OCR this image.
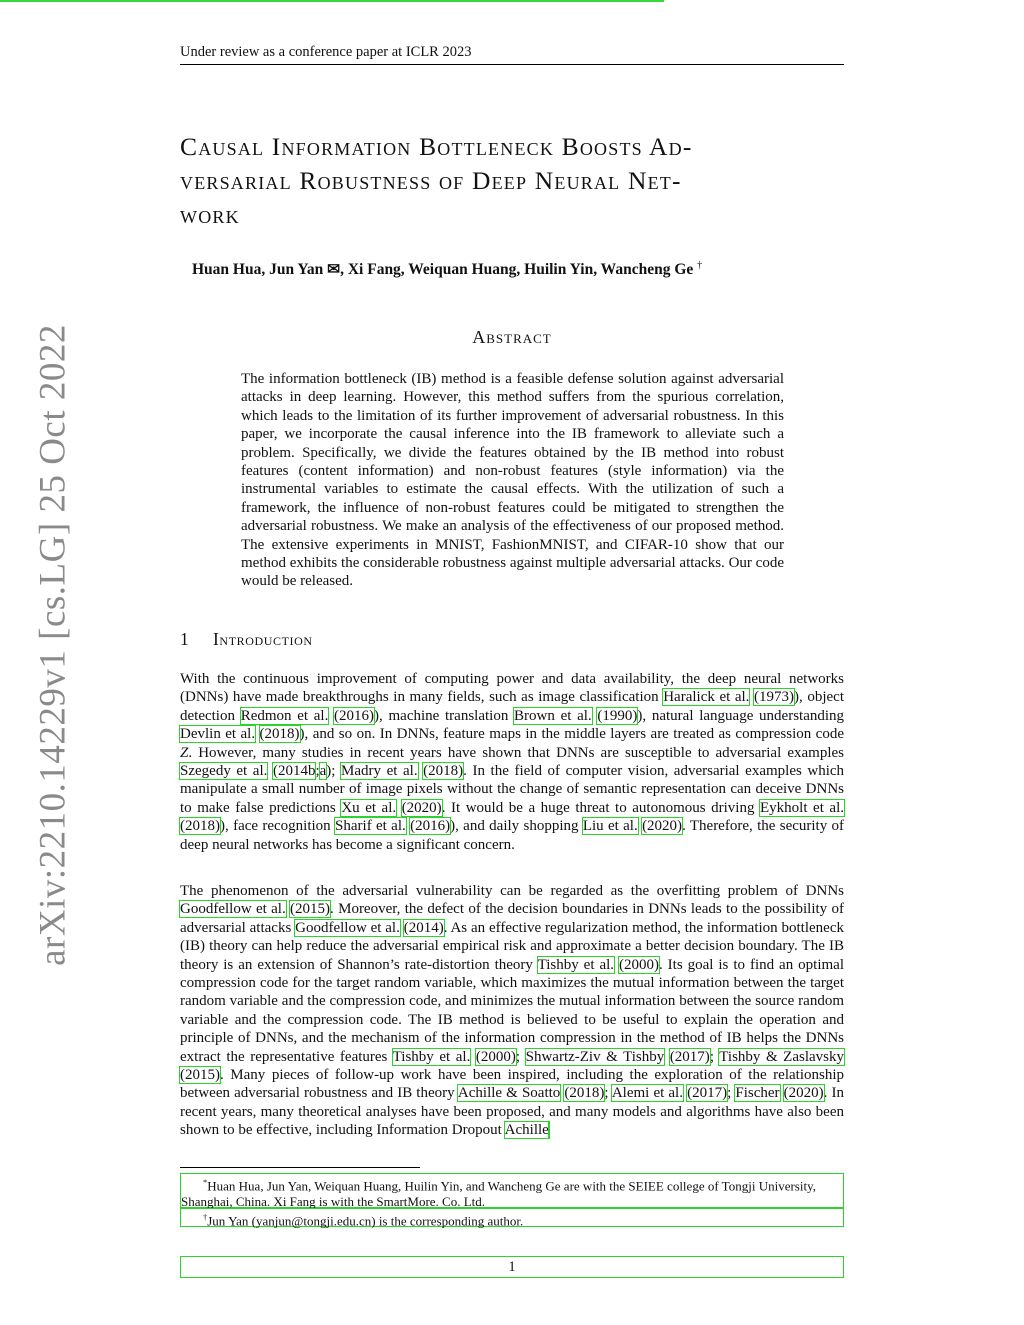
Under review as a conference paper at ICLR 2023
Causal Information Bottleneck Boosts Ad-
versarial Robustness of Deep Neural Net-
work
Huan Hua, Jun Yan ✉, Xi Fang, Weiquan Huang, Huilin Yin, Wancheng Ge †
Abstract
The information bottleneck (IB) method is a feasible defense solution against adversarial attacks in deep learning. However, this method suffers from the spurious correlation, which leads to the limitation of its further improvement of adversarial robustness. In this paper, we incorporate the causal inference into the IB framework to alleviate such a problem. Specifically, we divide the features obtained by the IB method into robust features (content information) and non-robust features (style information) via the instrumental variables to estimate the causal effects. With the utilization of such a framework, the influence of non-robust features could be mitigated to strengthen the adversarial robustness. We make an analysis of the effectiveness of our proposed method. The extensive experiments in MNIST, FashionMNIST, and CIFAR-10 show that our method exhibits the considerable robustness against multiple adversarial attacks. Our code would be released.
1 Introduction
With the continuous improvement of computing power and data availability, the deep neural networks (DNNs) have made breakthroughs in many fields, such as image classification Haralick et al. (1973)), object detection Redmon et al. (2016)), machine translation Brown et al. (1990)), natural language understanding Devlin et al. (2018)), and so on. In DNNs, feature maps in the middle layers are treated as compression code Z. However, many studies in recent years have shown that DNNs are susceptible to adversarial examples Szegedy et al. (2014b;a); Madry et al. (2018). In the field of computer vision, adversarial examples which manipulate a small number of image pixels without the change of semantic representation can deceive DNNs to make false predictions Xu et al. (2020). It would be a huge threat to autonomous driving Eykholt et al. (2018)), face recognition Sharif et al. (2016)), and daily shopping Liu et al. (2020). Therefore, the security of deep neural networks has become a significant concern.
The phenomenon of the adversarial vulnerability can be regarded as the overfitting problem of DNNs Goodfellow et al. (2015). Moreover, the defect of the decision boundaries in DNNs leads to the possibility of adversarial attacks Goodfellow et al. (2014). As an effective regularization method, the information bottleneck (IB) theory can help reduce the adversarial empirical risk and approximate a better decision boundary. The IB theory is an extension of Shannon’s rate-distortion theory Tishby et al. (2000). Its goal is to find an optimal compression code for the target random variable, which maximizes the mutual information between the target random variable and the compression code, and minimizes the mutual information between the source random variable and the compression code. The IB method is believed to be useful to explain the operation and principle of DNNs, and the mechanism of the information compression in the method of IB helps the DNNs extract the representative features Tishby et al. (2000); Shwartz-Ziv & Tishby (2017); Tishby & Zaslavsky (2015). Many pieces of follow-up work have been inspired, including the exploration of the relationship between adversarial robustness and IB theory Achille & Soatto (2018); Alemi et al. (2017); Fischer (2020). In recent years, many theoretical analyses have been proposed, and many models and algorithms have also been shown to be effective, including Information Dropout Achille
*Huan Hua, Jun Yan, Weiquan Huang, Huilin Yin, and Wancheng Ge are with the SEIEE college of Tongji University, Shanghai, China. Xi Fang is with the SmartMore. Co. Ltd.
†Jun Yan (yanjun@tongji.edu.cn) is the corresponding author.
1
arXiv:2210.14229v1 [cs.LG] 25 Oct 2022
